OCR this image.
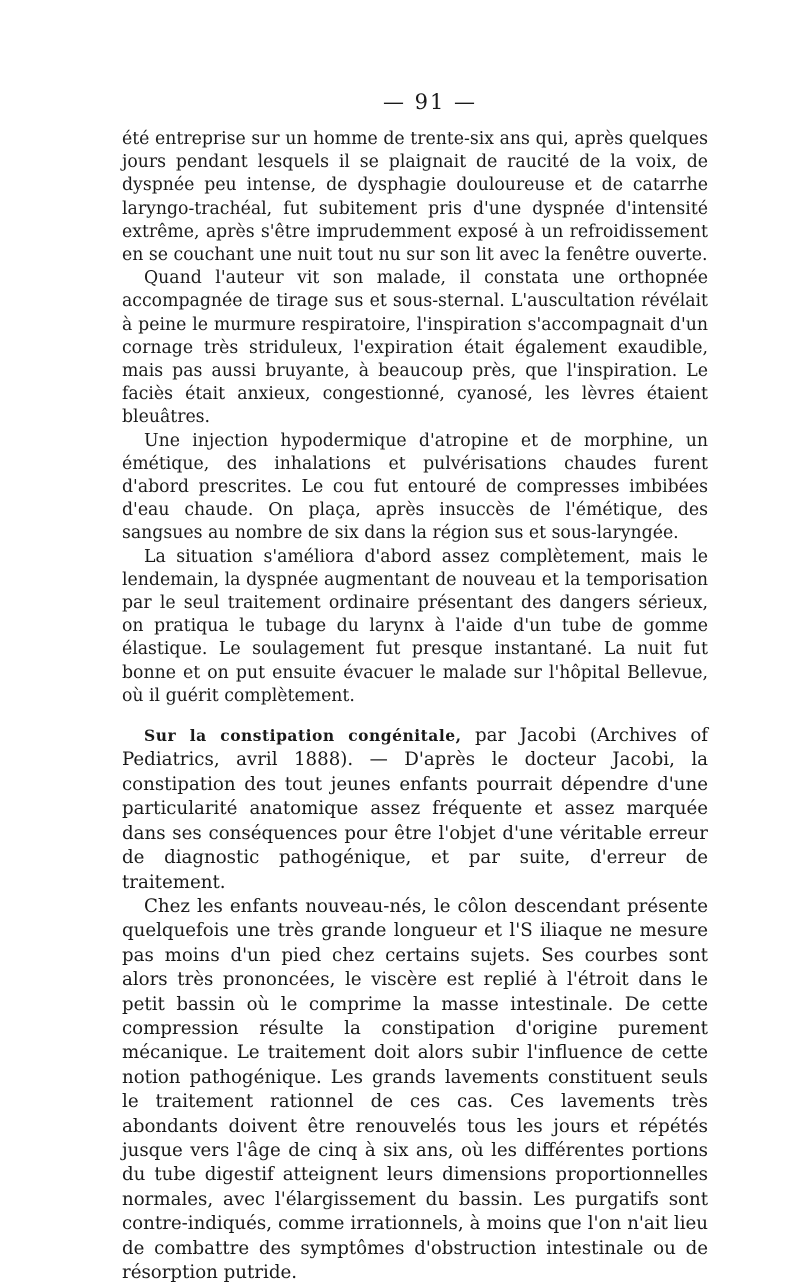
— 91 —

été entreprise sur un homme de trente-six ans qui, après quelques jours pendant lesquels il se plaignait de raucité de la voix, de dyspnée peu intense, de dysphagie douloureuse et de catarrhe laryngo-trachéal, fut subitement pris d'une dyspnée d'intensité extrême, après s'être imprudemment exposé à un refroidissement en se couchant une nuit tout nu sur son lit avec la fenêtre ouverte.

Quand l'auteur vit son malade, il constata une orthopnée accompagnée de tirage sus et sous-sternal. L'auscultation révélait à peine le murmure respiratoire, l'inspiration s'accompagnait d'un cornage très striduleux, l'expiration était également exaudible, mais pas aussi bruyante, à beaucoup près, que l'inspiration. Le faciès était anxieux, congestionné, cyanosé, les lèvres étaient bleuâtres.

Une injection hypodermique d'atropine et de morphine, un émétique, des inhalations et pulvérisations chaudes furent d'abord prescrites. Le cou fut entouré de compresses imbibées d'eau chaude. On plaça, après insuccès de l'émétique, des sangsues au nombre de six dans la région sus et sous-laryngée.

La situation s'améliora d'abord assez complètement, mais le lendemain, la dyspnée augmentant de nouveau et la temporisation par le seul traitement ordinaire présentant des dangers sérieux, on pratiqua le tubage du larynx à l'aide d'un tube de gomme élastique. Le soulagement fut presque instantané. La nuit fut bonne et on put ensuite évacuer le malade sur l'hôpital Bellevue, où il guérit complètement.

Sur la constipation congénitale, par Jacobi (Archives of Pediatrics, avril 1888). — D'après le docteur Jacobi, la constipation des tout jeunes enfants pourrait dépendre d'une particularité anatomique assez fréquente et assez marquée dans ses conséquences pour être l'objet d'une véritable erreur de diagnostic pathogénique, et par suite, d'erreur de traitement.

Chez les enfants nouveau-nés, le côlon descendant présente quelquefois une très grande longueur et l'S iliaque ne mesure pas moins d'un pied chez certains sujets. Ses courbes sont alors très prononcées, le viscère est replié à l'étroit dans le petit bassin où le comprime la masse intestinale. De cette compression résulte la constipation d'origine purement mécanique. Le traitement doit alors subir l'influence de cette notion pathogénique. Les grands lavements constituent seuls le traitement rationnel de ces cas. Ces lavements très abondants doivent être renouvelés tous les jours et répétés jusque vers l'âge de cinq à six ans, où les différentes portions du tube digestif atteignent leurs dimensions proportionnelles normales, avec l'élargissement du bassin. Les purgatifs sont contre-indiqués, comme irrationnels, à moins que l'on n'ait lieu de combattre des symptômes d'obstruction intestinale ou de résorption putride.
